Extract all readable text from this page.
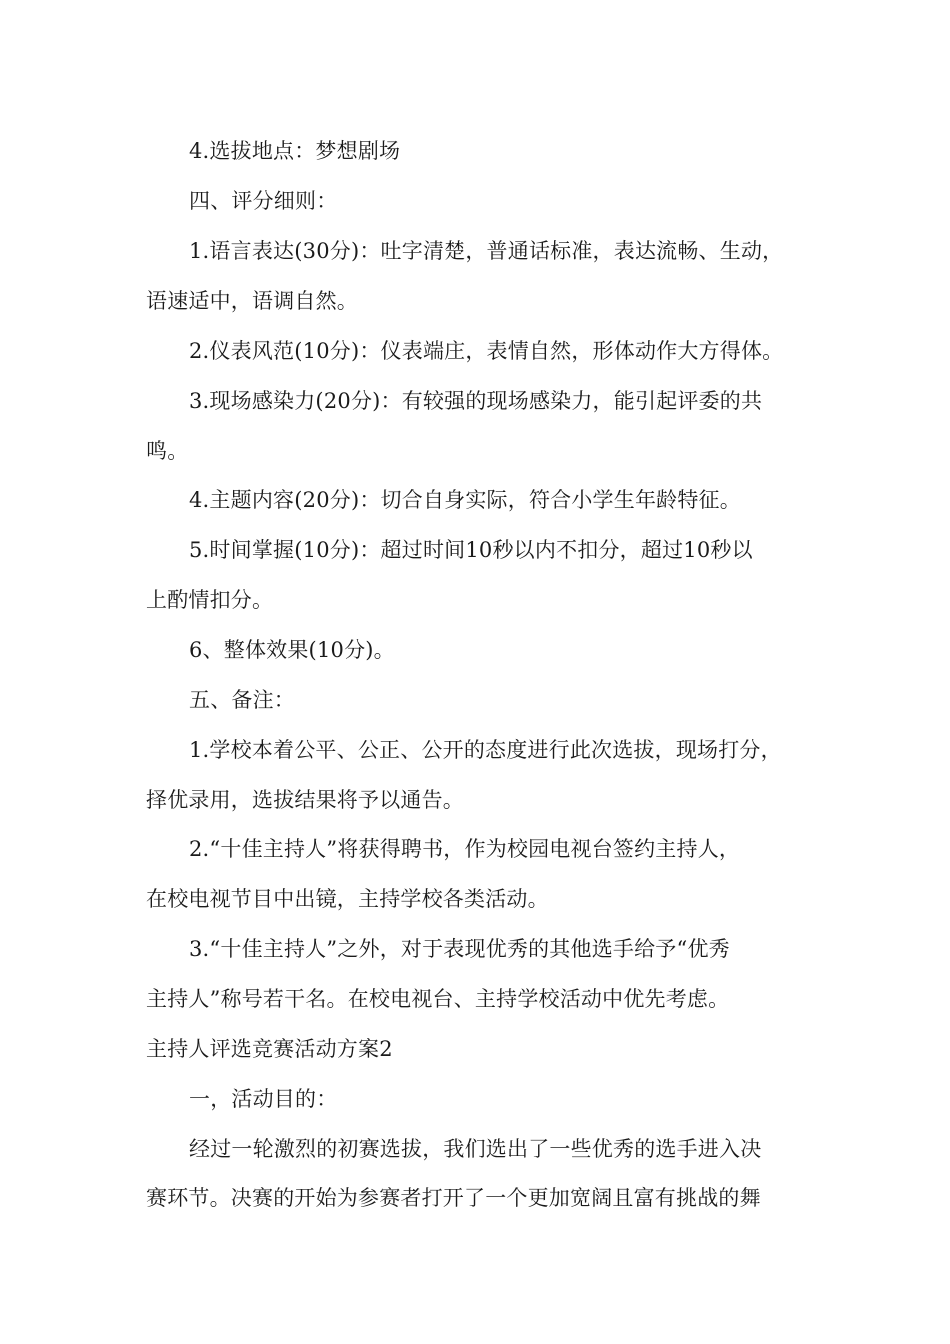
4.选拔地点：梦想剧场
四、评分细则：
1.语言表达(30分)：吐字清楚，普通话标准，表达流畅、生动，
语速适中，语调自然。
2.仪表风范(10分)：仪表端庄，表情自然，形体动作大方得体。
3.现场感染力(20分)：有较强的现场感染力，能引起评委的共
鸣。
4.主题内容(20分)：切合自身实际，符合小学生年龄特征。
5.时间掌握(10分)：超过时间10秒以内不扣分，超过10秒以
上酌情扣分。
6、整体效果(10分)。
五、备注：
1.学校本着公平、公正、公开的态度进行此次选拔，现场打分，
择优录用，选拔结果将予以通告。
2.“十佳主持人”将获得聘书，作为校园电视台签约主持人，
在校电视节目中出镜，主持学校各类活动。
3.“十佳主持人”之外，对于表现优秀的其他选手给予“优秀
主持人”称号若干名。在校电视台、主持学校活动中优先考虑。
主持人评选竞赛活动方案2
一，活动目的：
经过一轮激烈的初赛选拔，我们选出了一些优秀的选手进入决
赛环节。决赛的开始为参赛者打开了一个更加宽阔且富有挑战的舞
